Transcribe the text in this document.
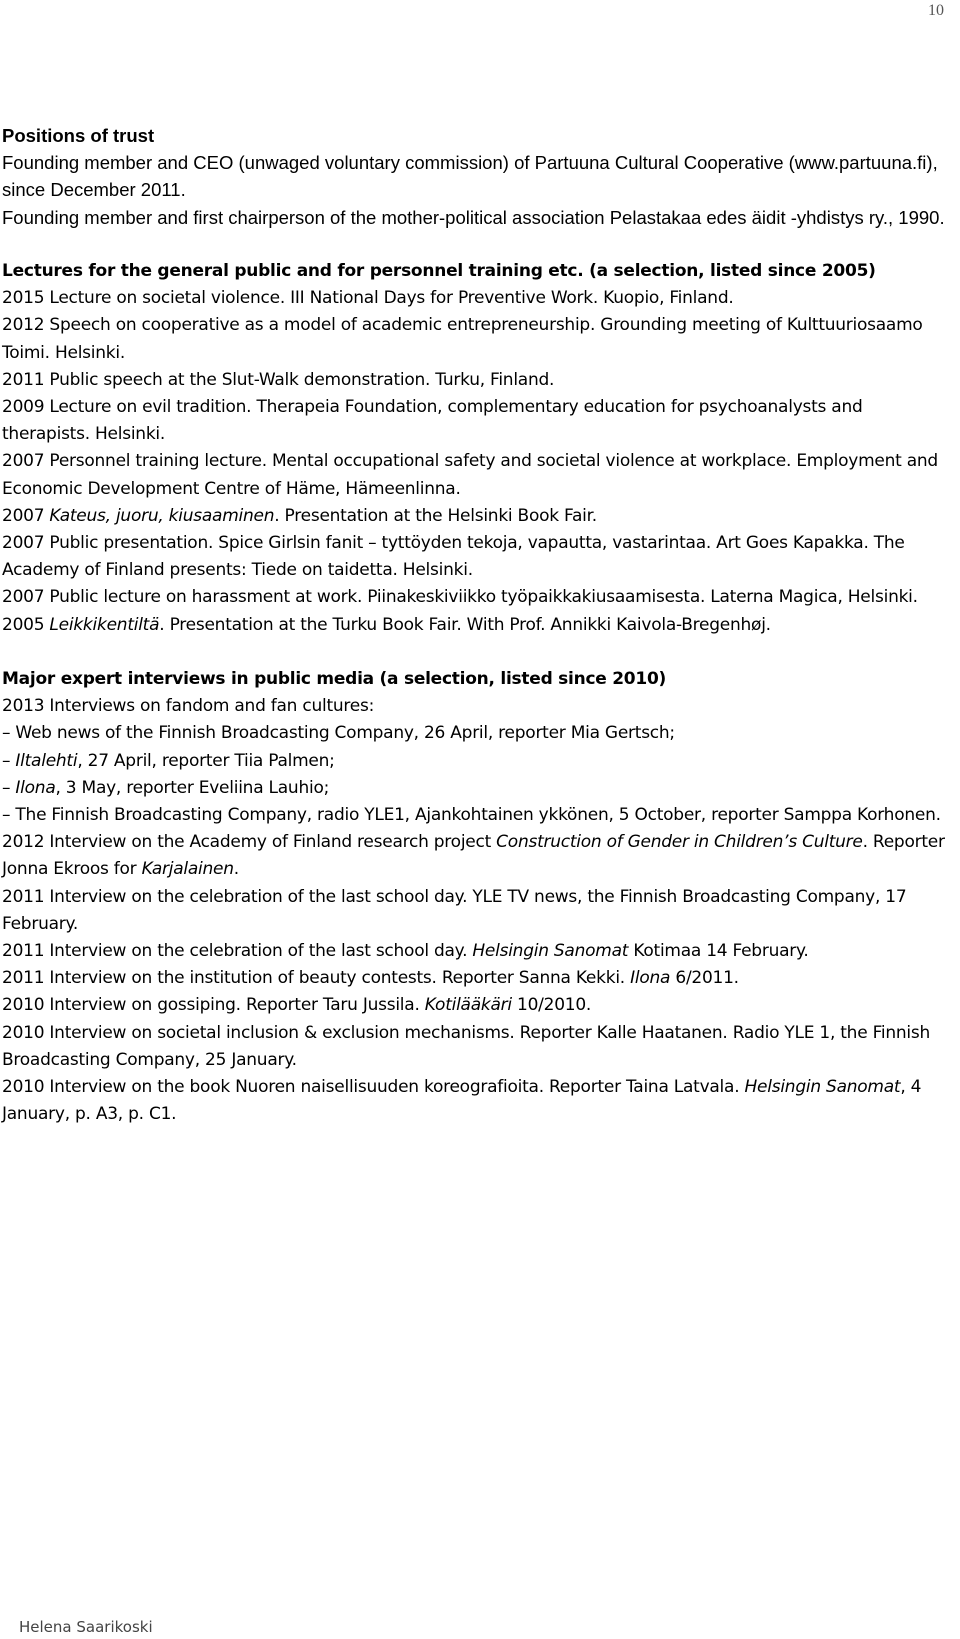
10

Positions of trust

Founding member and CEO (unwaged voluntary commission) of Partuuna Cultural Cooperative (www.partuuna.fi), since December 2011.

Founding member and first chairperson of the mother-political association Pelastakaa edes äidit -yhdistys ry., 1990.

Lectures for the general public and for personnel training etc. (a selection, listed since 2005)

2015 Lecture on societal violence. III National Days for Preventive Work. Kuopio, Finland.

2012 Speech on cooperative as a model of academic entrepreneurship. Grounding meeting of Kulttuuriosaamo Toimi. Helsinki.

2011 Public speech at the Slut-Walk demonstration. Turku, Finland.

2009 Lecture on evil tradition. Therapeia Foundation, complementary education for psychoanalysts and therapists. Helsinki.

2007 Personnel training lecture. Mental occupational safety and societal violence at workplace. Employment and Economic Development Centre of Häme, Hämeenlinna.

2007 Kateus, juoru, kiusaaminen. Presentation at the Helsinki Book Fair.

2007 Public presentation. Spice Girlsin fanit – tyttöyden tekoja, vapautta, vastarintaa. Art Goes Kapakka. The Academy of Finland presents: Tiede on taidetta. Helsinki.

2007 Public lecture on harassment at work. Piinakeskiviikko työpaikkakiusaamisesta. Laterna Magica, Helsinki.

2005 Leikkikentiltä. Presentation at the Turku Book Fair. With Prof. Annikki Kaivola-Bregenhøj.

Major expert interviews in public media (a selection, listed since 2010)

2013 Interviews on fandom and fan cultures:

– Web news of the Finnish Broadcasting Company, 26 April, reporter Mia Gertsch;

– Iltalehti, 27 April, reporter Tiia Palmen;

– Ilona, 3 May, reporter Eveliina Lauhio;

– The Finnish Broadcasting Company, radio YLE1, Ajankohtainen ykkönen, 5 October, reporter Samppa Korhonen.

2012 Interview on the Academy of Finland research project Construction of Gender in Children’s Culture. Reporter Jonna Ekroos for Karjalainen.

2011 Interview on the celebration of the last school day. YLE TV news, the Finnish Broadcasting Company, 17 February.

2011 Interview on the celebration of the last school day. Helsingin Sanomat Kotimaa 14 February.

2011 Interview on the institution of beauty contests. Reporter Sanna Kekki. Ilona 6/2011.

2010 Interview on gossiping. Reporter Taru Jussila. Kotilääkäri 10/2010.

2010 Interview on societal inclusion & exclusion mechanisms. Reporter Kalle Haatanen. Radio YLE 1, the Finnish Broadcasting Company, 25 January.

2010 Interview on the book Nuoren naisellisuuden koreografioita. Reporter Taina Latvala. Helsingin Sanomat, 4 January, p. A3, p. C1.

Helena Saarikoski
